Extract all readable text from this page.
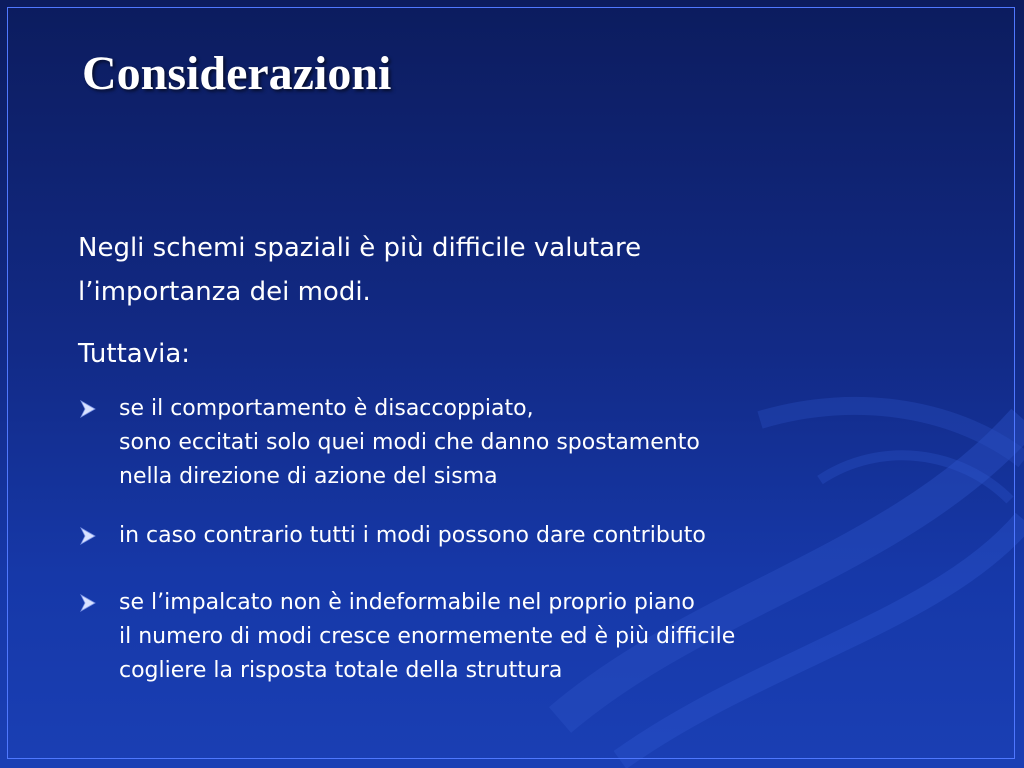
Considerazioni

Negli schemi spaziali è più difficile valutare
l’importanza dei modi.

Tuttavia:

se il comportamento è disaccoppiato,
sono eccitati solo quei modi che danno spostamento
nella direzione di azione del sisma
in caso contrario tutti i modi possono dare contributo
se l’impalcato non è indeformabile nel proprio piano
il numero di modi cresce enormemente ed è più difficile
cogliere la risposta totale della struttura
